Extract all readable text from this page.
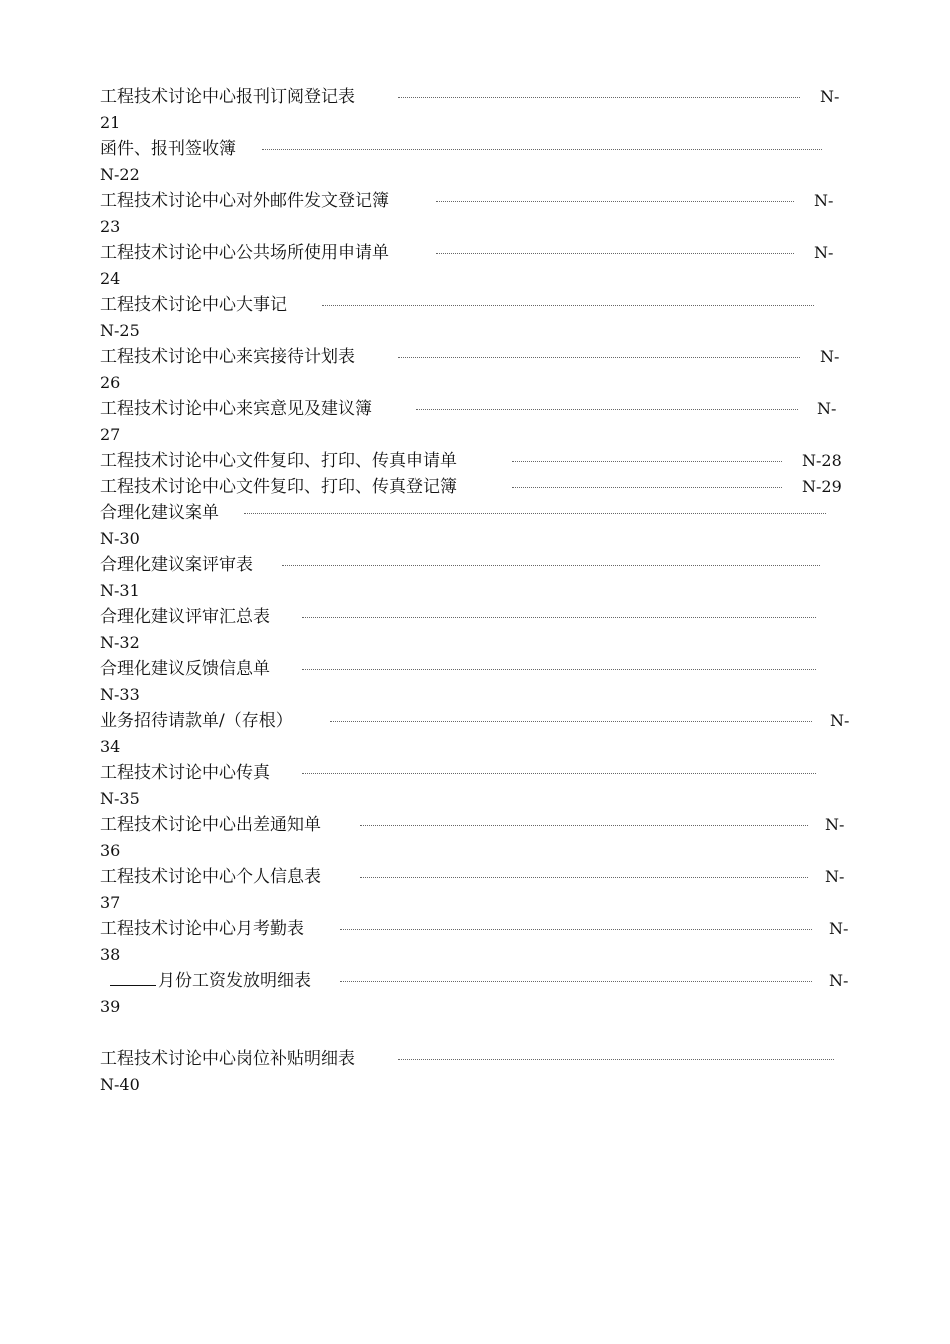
工程技术讨论中心报刊订阅登记表	N-
21
函件、报刊签收簿
N-22
工程技术讨论中心对外邮件发文登记簿	N-
23
工程技术讨论中心公共场所使用申请单	N-
24
工程技术讨论中心大事记
N-25
工程技术讨论中心来宾接待计划表	N-
26
工程技术讨论中心来宾意见及建议簿	N-
27
工程技术讨论中心文件复印、打印、传真申请单	N-28
工程技术讨论中心文件复印、打印、传真登记簿	N-29
合理化建议案单
N-30
合理化建议案评审表
N-31
合理化建议评审汇总表
N-32
合理化建议反馈信息单
N-33
业务招待请款单/（存根）	N-
34
工程技术讨论中心传真
N-35
工程技术讨论中心出差通知单	N-
36
工程技术讨论中心个人信息表	N-
37
工程技术讨论中心月考勤表	N-
38
月份工资发放明细表	N-
39
工程技术讨论中心岗位补贴明细表
N-40
